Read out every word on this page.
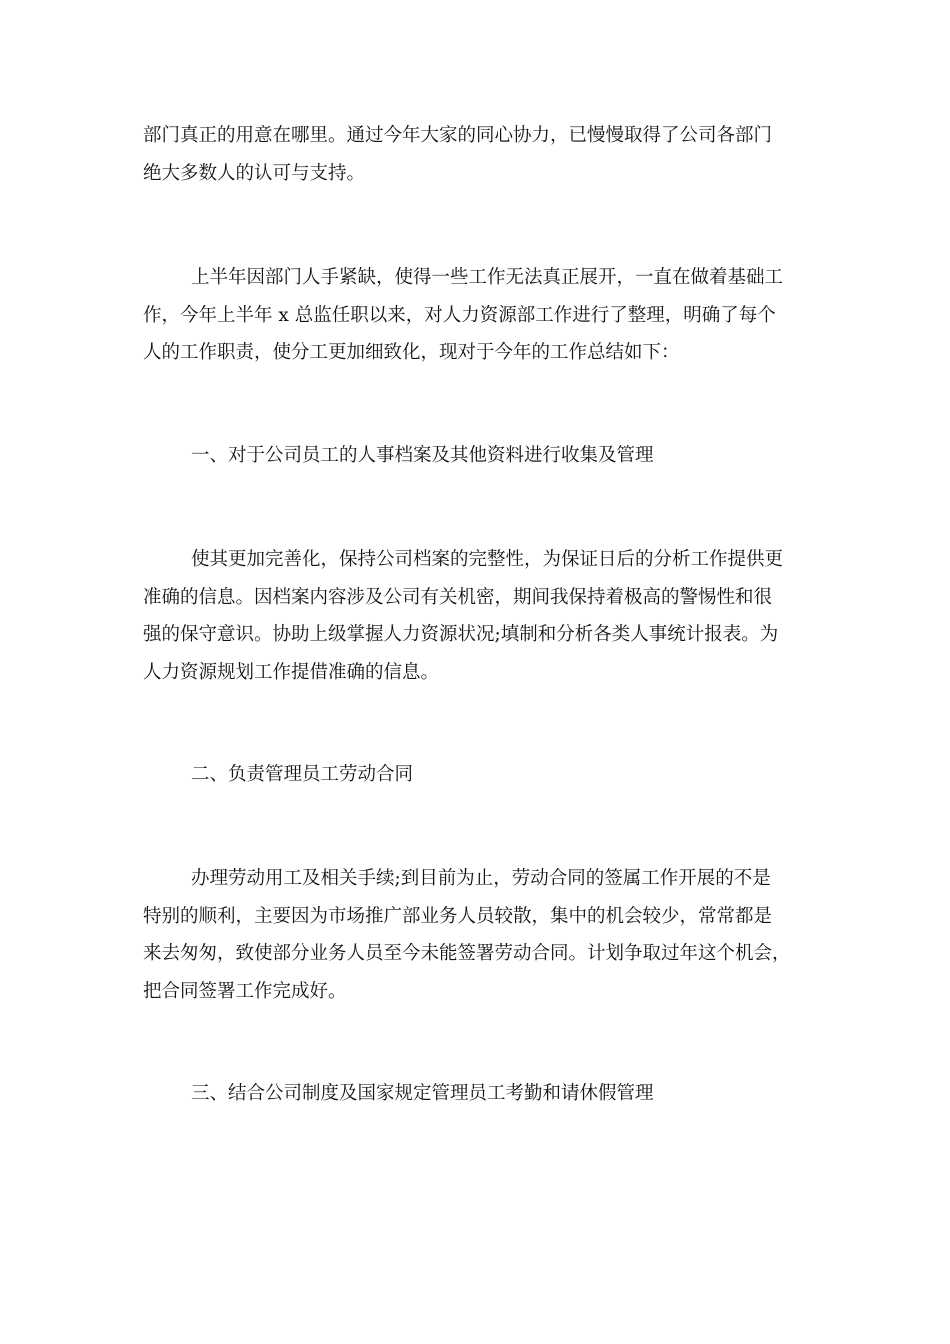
部门真正的用意在哪里。通过今年大家的同心协力，已慢慢取得了公司各部门
绝大多数人的认可与支持。

上半年因部门人手紧缺，使得一些工作无法真正展开，一直在做着基础工
作，今年上半年 x 总监任职以来，对人力资源部工作进行了整理，明确了每个
人的工作职责，使分工更加细致化，现对于今年的工作总结如下：

一、对于公司员工的人事档案及其他资料进行收集及管理

使其更加完善化，保持公司档案的完整性，为保证日后的分析工作提供更
准确的信息。因档案内容涉及公司有关机密，期间我保持着极高的警惕性和很
强的保守意识。协助上级掌握人力资源状况;填制和分析各类人事统计报表。为
人力资源规划工作提借准确的信息。

二、负责管理员工劳动合同

办理劳动用工及相关手续;到目前为止，劳动合同的签属工作开展的不是
特别的顺利，主要因为市场推广部业务人员较散，集中的机会较少，常常都是
来去匆匆，致使部分业务人员至今未能签署劳动合同。计划争取过年这个机会，
把合同签署工作完成好。

三、结合公司制度及国家规定管理员工考勤和请休假管理
